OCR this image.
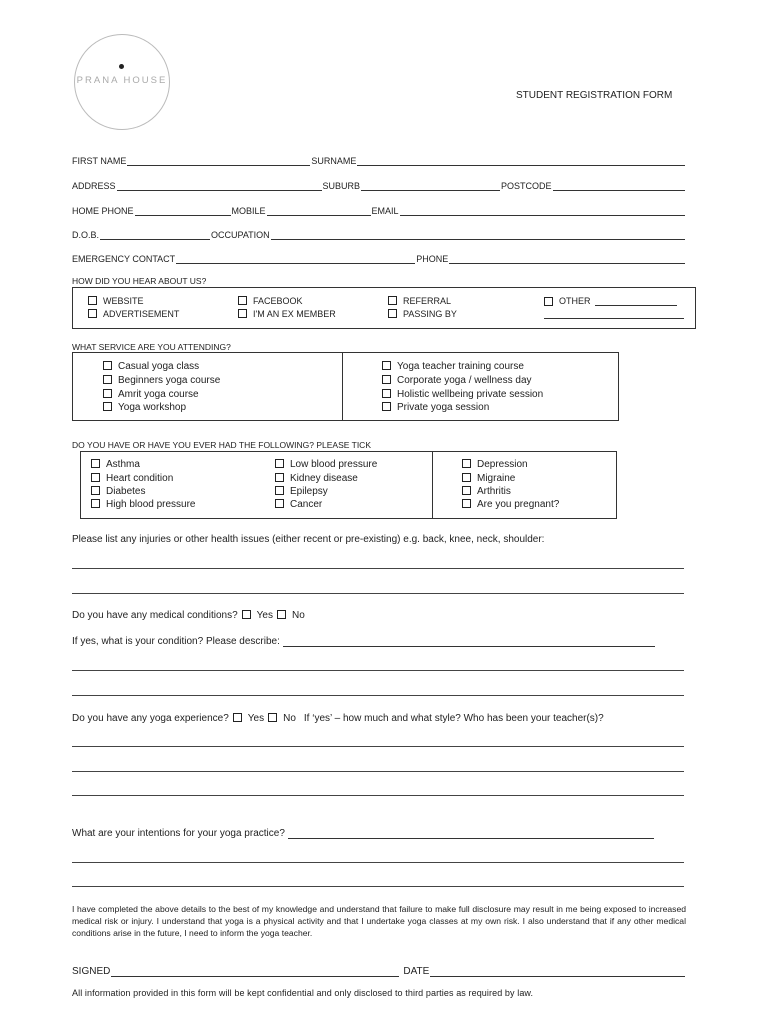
PRANA HOUSE
STUDENT REGISTRATION FORM
FIRST NAME	SURNAME
ADDRESS	SUBURB	POSTCODE
HOME PHONE	MOBILE	EMAIL
D.O.B.	OCCUPATION
EMERGENCY CONTACT	PHONE
HOW DID YOU HEAR ABOUT US?
WEBSITE
ADVERTISEMENT
FACEBOOK
I'M AN EX MEMBER
REFERRAL
PASSING BY
OTHER
WHAT SERVICE ARE YOU ATTENDING?
Casual yoga class
Beginners yoga course
Amrit yoga course
Yoga workshop
Yoga teacher training course
Corporate yoga / wellness day
Holistic wellbeing private session
Private yoga session
DO YOU HAVE OR HAVE YOU EVER HAD THE FOLLOWING? PLEASE TICK
Asthma
Heart condition
Diabetes
High blood pressure
Low blood pressure
Kidney disease
Epilepsy
Cancer
Depression
Migraine
Arthritis
Are you pregnant?
Please list any injuries or other health issues (either recent or pre-existing) e.g. back, knee, neck, shoulder:
Do you have any medical conditions?	Yes	No
If yes, what is your condition? Please describe:
Do you have any yoga experience?	Yes	No If ‘yes’ – how much and what style? Who has been your teacher(s)?
What are your intentions for your yoga practice?
I have completed the above details to the best of my knowledge and understand that failure to make full disclosure may result in me being exposed to increased medical risk or injury. I understand that yoga is a physical activity and that I undertake yoga classes at my own risk. I also understand that if any other medical conditions arise in the future, I need to inform the yoga teacher.
SIGNED	DATE
All information provided in this form will be kept confidential and only disclosed to third parties as required by law.
